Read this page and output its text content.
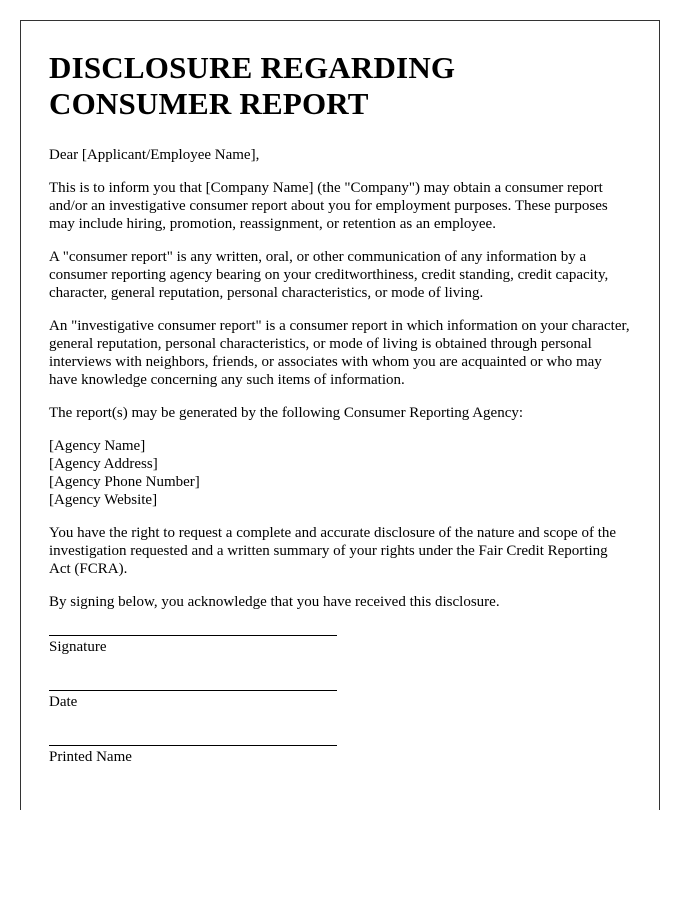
DISCLOSURE REGARDING CONSUMER REPORT

Dear [Applicant/Employee Name],

This is to inform you that [Company Name] (the "Company") may obtain a consumer report and/or an investigative consumer report about you for employment purposes. These purposes may include hiring, promotion, reassignment, or retention as an employee.

A "consumer report" is any written, oral, or other communication of any information by a consumer reporting agency bearing on your creditworthiness, credit standing, credit capacity, character, general reputation, personal characteristics, or mode of living.

An "investigative consumer report" is a consumer report in which information on your character, general reputation, personal characteristics, or mode of living is obtained through personal interviews with neighbors, friends, or associates with whom you are acquainted or who may have knowledge concerning any such items of information.

The report(s) may be generated by the following Consumer Reporting Agency:

[Agency Name]
[Agency Address]
[Agency Phone Number]
[Agency Website]

You have the right to request a complete and accurate disclosure of the nature and scope of the investigation requested and a written summary of your rights under the Fair Credit Reporting Act (FCRA).

By signing below, you acknowledge that you have received this disclosure.

Signature
Date
Printed Name
